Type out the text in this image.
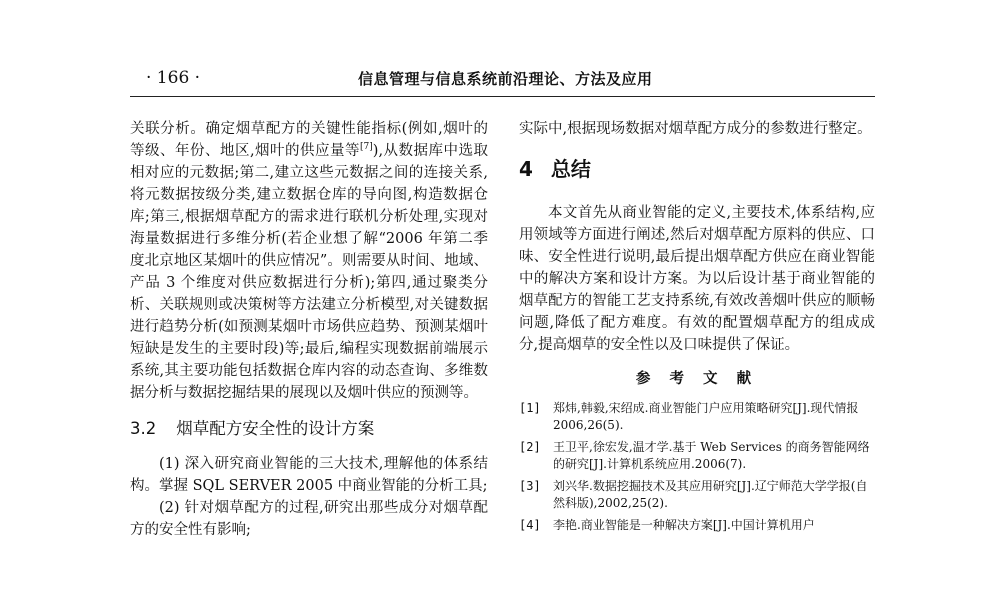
· 166 ·	信息管理与信息系统前沿理论、方法及应用

关联分析。确定烟草配方的关键性能指标(例如,烟叶的等级、年份、地区,烟叶的供应量等[7]),从数据库中选取相对应的元数据;第二,建立这些元数据之间的连接关系,将元数据按级分类,建立数据仓库的导向图,构造数据仓库;第三,根据烟草配方的需求进行联机分析处理,实现对海量数据进行多维分析(若企业想了解“2006 年第二季度北京地区某烟叶的供应情况”。则需要从时间、地域、产品 3 个维度对供应数据进行分析);第四,通过聚类分析、关联规则或决策树等方法建立分析模型,对关键数据进行趋势分析(如预测某烟叶市场供应趋势、预测某烟叶短缺是发生的主要时段)等;最后,编程实现数据前端展示系统,其主要功能包括数据仓库内容的动态查询、多维数据分析与数据挖掘结果的展现以及烟叶供应的预测等。

3.2 烟草配方安全性的设计方案

(1) 深入研究商业智能的三大技术,理解他的体系结构。掌握 SQL SERVER 2005 中商业智能的分析工具;

(2) 针对烟草配方的过程,研究出那些成分对烟草配方的安全性有影响;

实际中,根据现场数据对烟草配方成分的参数进行整定。

4 总结

本文首先从商业智能的定义,主要技术,体系结构,应用领域等方面进行阐述,然后对烟草配方原料的供应、口味、安全性进行说明,最后提出烟草配方供应在商业智能中的解决方案和设计方案。为以后设计基于商业智能的烟草配方的智能工艺支持系统,有效改善烟叶供应的顺畅问题,降低了配方难度。有效的配置烟草配方的组成成分,提高烟草的安全性以及口味提供了保证。

参 考 文 献
[1]	郑炜,韩毅,宋绍成.商业智能门户应用策略研究[J].现代情报 2006,26(5).
[2]	王卫平,徐宏发,温才学.基于 Web Services 的商务智能网络的研究[J].计算机系统应用.2006(7).
[3]	刘兴华.数据挖掘技术及其应用研究[J].辽宁师范大学学报(自然科版),2002,25(2).
[4]	李艳.商业智能是一种解决方案[J].中国计算机用户
